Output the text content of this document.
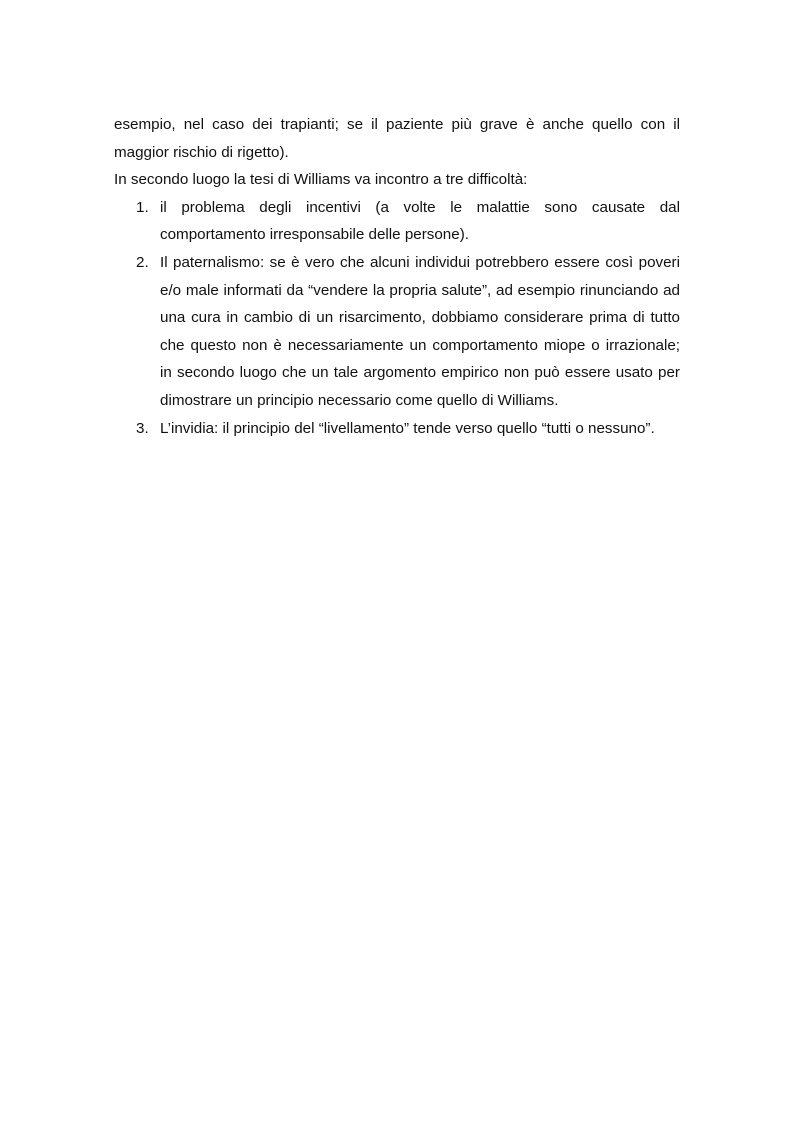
esempio, nel caso dei trapianti; se il paziente più grave è anche quello con il maggior rischio di rigetto).

In secondo luogo la tesi di Williams va incontro a tre difficoltà:

1. il problema degli incentivi (a volte le malattie sono causate dal comportamento irresponsabile delle persone).
2. Il paternalismo: se è vero che alcuni individui potrebbero essere così poveri e/o male informati da “vendere la propria salute”, ad esempio rinunciando ad una cura in cambio di un risarcimento, dobbiamo considerare prima di tutto che questo non è necessariamente un comportamento miope o irrazionale; in secondo luogo che un tale argomento empirico non può essere usato per dimostrare un principio necessario come quello di Williams.
3. L’invidia: il principio del “livellamento” tende verso quello “tutti o nessuno”.
